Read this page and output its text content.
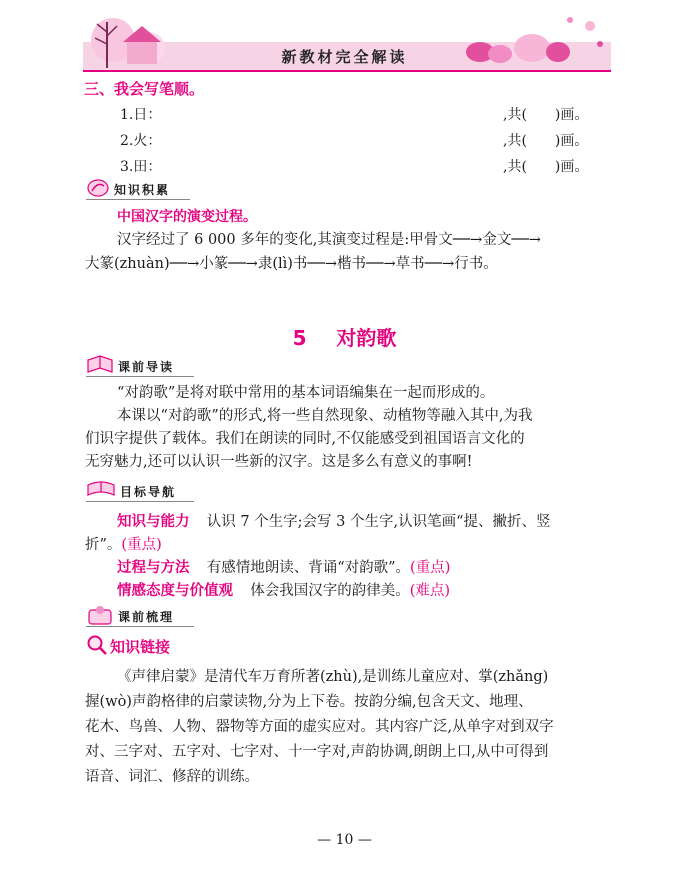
新教材完全解读
三、我会写笔顺。
1.日：	,共(　　)画。
2.火：	,共(　　)画。
3.田：	,共(　　)画。
知识积累
中国汉字的演变过程。
汉字经过了 6 000 多年的变化,其演变过程是:甲骨文──→金文──→
大篆(zhuàn)──→小篆──→隶(lì)书──→楷书──→草书──→行书。
5 对韵歌
课前导读
“对韵歌”是将对联中常用的基本词语编集在一起而形成的。
本课以“对韵歌”的形式,将一些自然现象、动植物等融入其中,为我
们识字提供了载体。我们在朗读的同时,不仅能感受到祖国语言文化的
无穷魅力,还可以认识一些新的汉字。这是多么有意义的事啊!
目标导航
知识与能力 认识 7 个生字;会写 3 个生字,认识笔画“提、撇折、竖
折”。(重点)
过程与方法 有感情地朗读、背诵“对韵歌”。(重点)
情感态度与价值观 体会我国汉字的韵律美。(难点)
课前梳理
知识链接
《声律启蒙》是清代车万育所著(zhù),是训练儿童应对、掌(zhǎng)
握(wò)声韵格律的启蒙读物,分为上下卷。按韵分编,包含天文、地理、
花木、鸟兽、人物、器物等方面的虚实应对。其内容广泛,从单字对到双字
对、三字对、五字对、七字对、十一字对,声韵协调,朗朗上口,从中可得到
语音、词汇、修辞的训练。
— 10 —
